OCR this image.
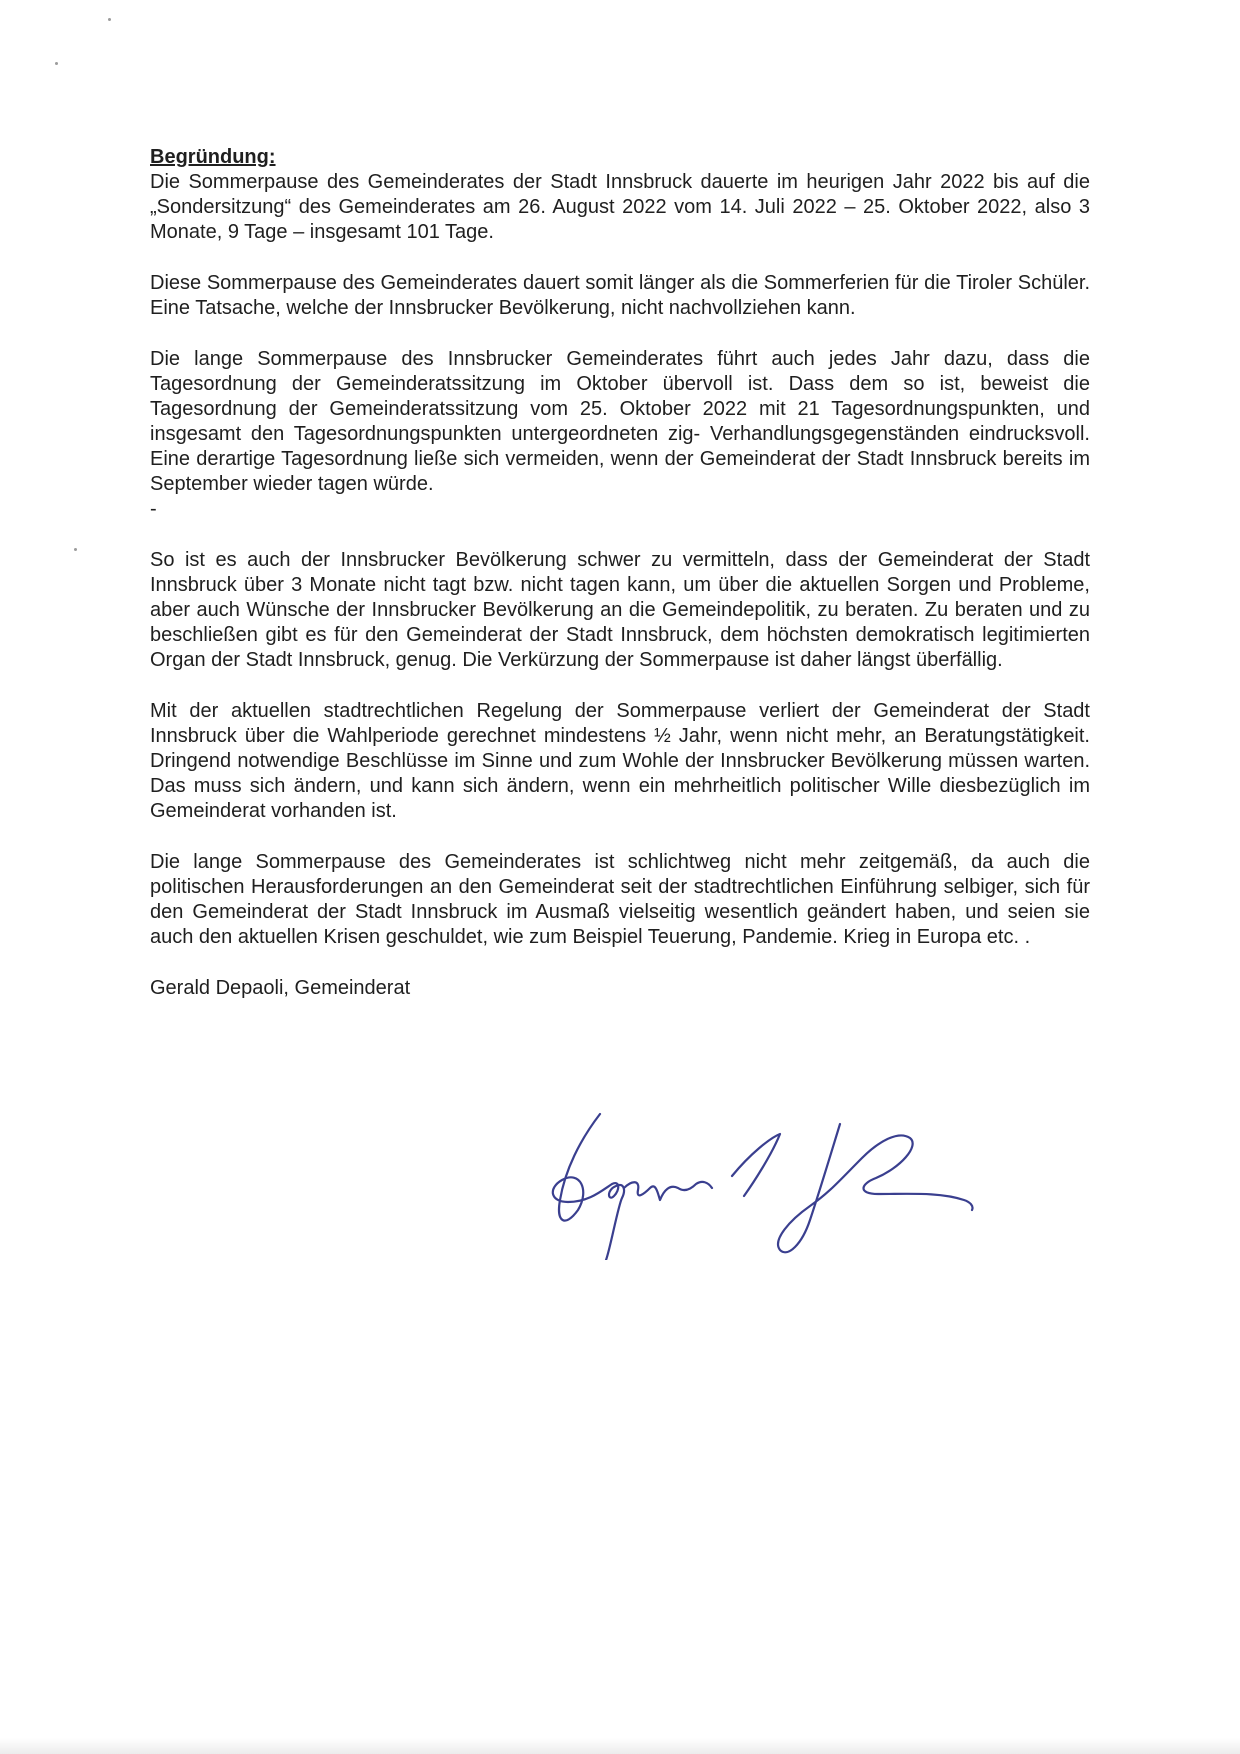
Begründung:

Die Sommerpause des Gemeinderates der Stadt Innsbruck dauerte im heurigen Jahr 2022 bis auf die „Sondersitzung“ des Gemeinderates am 26. August 2022 vom 14. Juli 2022 – 25. Oktober 2022, also 3 Monate, 9 Tage – insgesamt 101 Tage.

Diese Sommerpause des Gemeinderates dauert somit länger als die Sommerferien für die Tiroler Schüler. Eine Tatsache, welche der Innsbrucker Bevölkerung, nicht nachvollziehen kann.

Die lange Sommerpause des Innsbrucker Gemeinderates führt auch jedes Jahr dazu, dass die Tagesordnung der Gemeinderatssitzung im Oktober übervoll ist. Dass dem so ist, beweist die Tagesordnung der Gemeinderatssitzung vom 25. Oktober 2022 mit 21 Tagesordnungspunkten, und insgesamt den Tagesordnungspunkten untergeordneten zig- Verhandlungsgegenständen eindrucksvoll. Eine derartige Tagesordnung ließe sich vermeiden, wenn der Gemeinderat der Stadt Innsbruck bereits im September wieder tagen würde.

-

So ist es auch der Innsbrucker Bevölkerung schwer zu vermitteln, dass der Gemeinderat der Stadt Innsbruck über 3 Monate nicht tagt bzw. nicht tagen kann, um über die aktuellen Sorgen und Probleme, aber auch Wünsche der Innsbrucker Bevölkerung an die Gemeindepolitik, zu beraten. Zu beraten und zu beschließen gibt es für den Gemeinderat der Stadt Innsbruck, dem höchsten demokratisch legitimierten Organ der Stadt Innsbruck, genug. Die Verkürzung der Sommerpause ist daher längst überfällig.

Mit der aktuellen stadtrechtlichen Regelung der Sommerpause verliert der Gemeinderat der Stadt Innsbruck über die Wahlperiode gerechnet mindestens ½ Jahr, wenn nicht mehr, an Beratungstätigkeit. Dringend notwendige Beschlüsse im Sinne und zum Wohle der Innsbrucker Bevölkerung müssen warten. Das muss sich ändern, und kann sich ändern, wenn ein mehrheitlich politischer Wille diesbezüglich im Gemeinderat vorhanden ist.

Die lange Sommerpause des Gemeinderates ist schlichtweg nicht mehr zeitgemäß, da auch die politischen Herausforderungen an den Gemeinderat seit der stadtrechtlichen Einführung selbiger, sich für den Gemeinderat der Stadt Innsbruck im Ausmaß vielseitig wesentlich geändert haben, und seien sie auch den aktuellen Krisen geschuldet, wie zum Beispiel Teuerung, Pandemie. Krieg in Europa etc. .

Gerald Depaoli, Gemeinderat
